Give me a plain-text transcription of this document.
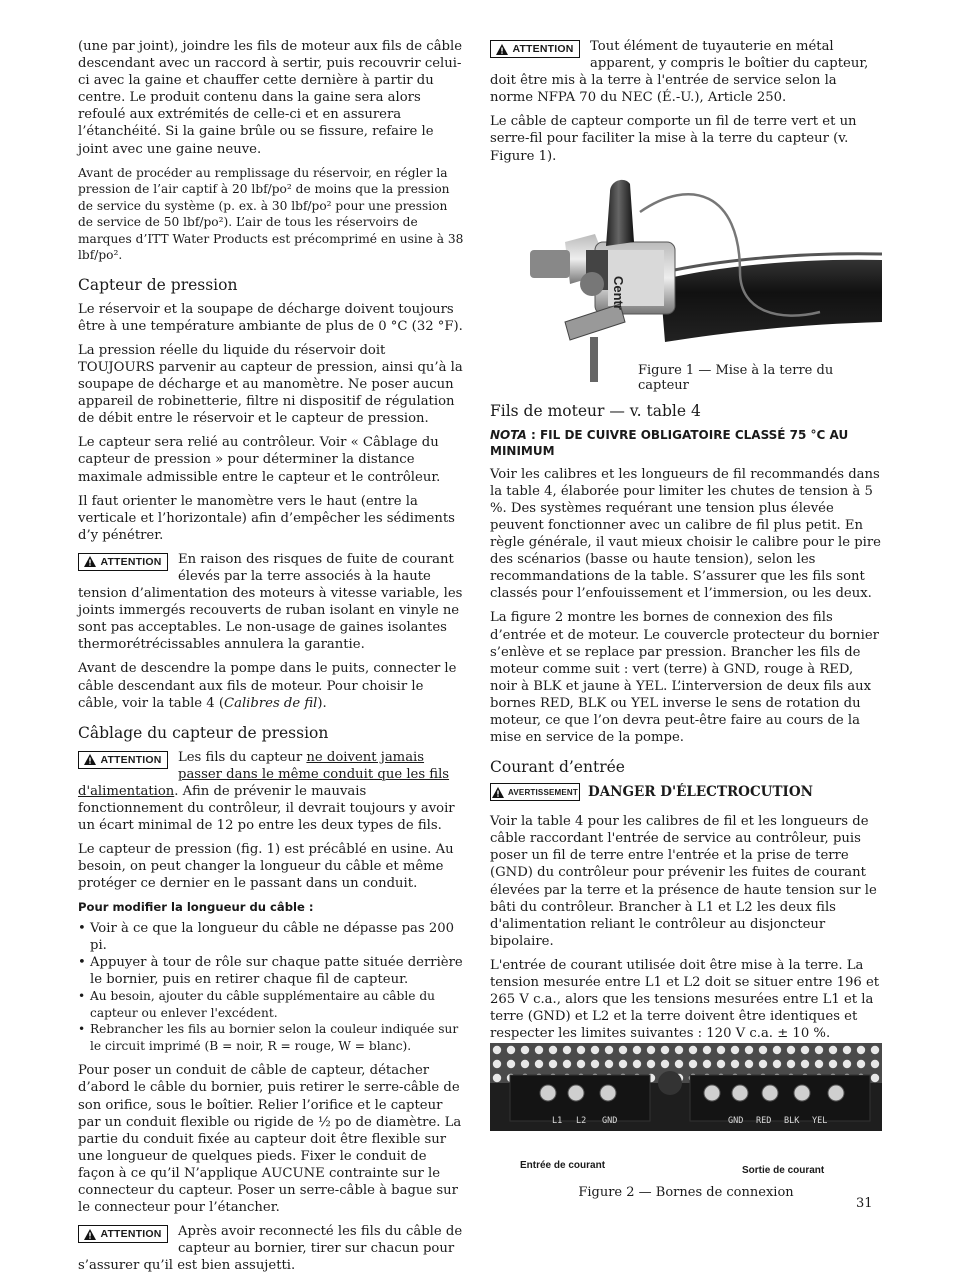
(une par joint), joindre les fils de moteur aux fils de câble descendant avec un raccord à sertir, puis recouvrir celui-ci avec la gaine et chauffer cette dernière à partir du centre. Le produit contenu dans la gaine sera alors refoulé aux extrémités de celle-ci et en assurera l’étanchéité. Si la gaine brûle ou se fissure, refaire le joint avec une gaine neuve.

Avant de procéder au remplissage du réservoir, en régler la pression de l’air captif à 20 lbf/po² de moins que la pression de service du système (p. ex. à 30 lbf/po² pour une pression de service de 50 lbf/po²). L’air de tous les réservoirs de marques d’ITT Water Products est précomprimé en usine à 38 lbf/po².

Capteur de pression

Le réservoir et la soupape de décharge doivent toujours être à une température ambiante de plus de 0 °C (32 °F).

La pression réelle du liquide du réservoir doit TOUJOURS parvenir au capteur de pression, ainsi qu’à la soupape de décharge et au manomètre. Ne poser aucun appareil de robinetterie, filtre ni dispositif de régulation de débit entre le réservoir et le capteur de pression.

Le capteur sera relié au contrôleur. Voir « Câblage du capteur de pression » pour déterminer la distance maximale admissible entre le capteur et le contrôleur.

Il faut orienter le manomètre vers le haut (entre la verticale et l’horizontale) afin d’empêcher les sédiments d’y pénétrer.

ATTENTION	En raison des risques de fuite de courant élevés par la terre associés à la haute tension d’alimentation des moteurs à vitesse variable, les joints immergés recouverts de ruban isolant en vinyle ne sont pas acceptables. Le non-usage de gaines isolantes thermorétrécissables annulera la garantie.

Avant de descendre la pompe dans le puits, connecter le câble descendant aux fils de moteur. Pour choisir le câble, voir la table 4 (Calibres de fil).

Câblage du capteur de pression
ATTENTION	Les fils du capteur ne doivent jamais passer dans le même conduit que les fils d'alimentation. Afin de prévenir le mauvais fonctionnement du contrôleur, il devrait toujours y avoir un écart minimal de 12 po entre les deux types de fils.

Le capteur de pression (fig. 1) est précâblé en usine. Au besoin, on peut changer la longueur du câble et même protéger ce dernier en le passant dans un conduit.

Pour modifier la longueur du câble :

• Voir à ce que la longueur du câble ne dépasse pas 200 pi.
• Appuyer à tour de rôle sur chaque patte située derrière le bornier, puis en retirer chaque fil de capteur.
• Au besoin, ajouter du câble supplémentaire au câble du capteur ou enlever l'excédent.
• Rebrancher les fils au bornier selon la couleur indiquée sur le circuit imprimé (B = noir, R = rouge, W = blanc).

Pour poser un conduit de câble de capteur, détacher d’abord le câble du bornier, puis retirer le serre-câble de son orifice, sous le boîtier. Relier l’orifice et le capteur par un conduit flexible ou rigide de ½ po de diamètre. La partie du conduit fixée au capteur doit être flexible sur une longueur de quelques pieds. Fixer le conduit de façon à ce qu’il N’applique AUCUNE contrainte sur le connecteur du capteur. Poser un serre-câble à bague sur le connecteur pour l’étancher.

ATTENTION	Après avoir reconnecté les fils du câble de capteur au bornier, tirer sur chacun pour s’assurer qu’il est bien assujetti.

ATTENTION	Tout élément de tuyauterie en métal apparent, y compris le boîtier du capteur, doit être mis à la terre à l'entrée de service selon la norme NFPA 70 du NEC (É.-U.), Article 250.

Le câble de capteur comporte un fil de terre vert et un serre-fil pour faciliter la mise à la terre du capteur (v. Figure 1).

Centr
Figure 1 — Mise à la terre du capteur
Fils de moteur — v. table 4

NOTA : FIL DE CUIVRE OBLIGATOIRE CLASSÉ 75 °C AU MINIMUM

Voir les calibres et les longueurs de fil recommandés dans la table 4, élaborée pour limiter les chutes de tension à 5 %. Des systèmes requérant une tension plus élevée peuvent fonctionner avec un calibre de fil plus petit. En règle générale, il vaut mieux choisir le calibre pour le pire des scénarios (basse ou haute tension), selon les recommandations de la table. S’assurer que les fils sont classés pour l’enfouissement et l’immersion, ou les deux.

La figure 2 montre les bornes de connexion des fils d’entrée et de moteur. Le couvercle protecteur du bornier s’enlève et se replace par pression. Brancher les fils de moteur comme suit : vert (terre) à GND, rouge à RED, noir à BLK et jaune à YEL. L’interversion de deux fils aux bornes RED, BLK ou YEL inverse le sens de rotation du moteur, ce que l’on devra peut-être faire au cours de la mise en service de la pompe.

Courant d’entrée
AVERTISSEMENT DANGER D'ÉLECTROCUTION

Voir la table 4 pour les calibres de fil et les longueurs de câble raccordant l'entrée de service au contrôleur, puis poser un fil de terre entre l'entrée et la prise de terre (GND) du contrôleur pour prévenir les fuites de courant élevées par la terre et la présence de haute tension sur le bâti du contrôleur. Brancher à L1 et L2 les deux fils d'alimentation reliant le contrôleur au disjoncteur bipolaire.

L'entrée de courant utilisée doit être mise à la terre. La tension mesurée entre L1 et L2 doit se situer entre 196 et 265 V c.a., alors que les tensions mesurées entre L1 et la terre (GND) et L2 et la terre doivent être identiques et respecter les limites suivantes : 120 V c.a. ± 10 %.

L1 L2 GND	GND RED BLK YEL
Entrée de courant	Sortie de courant
Figure 2 — Bornes de connexion
31
